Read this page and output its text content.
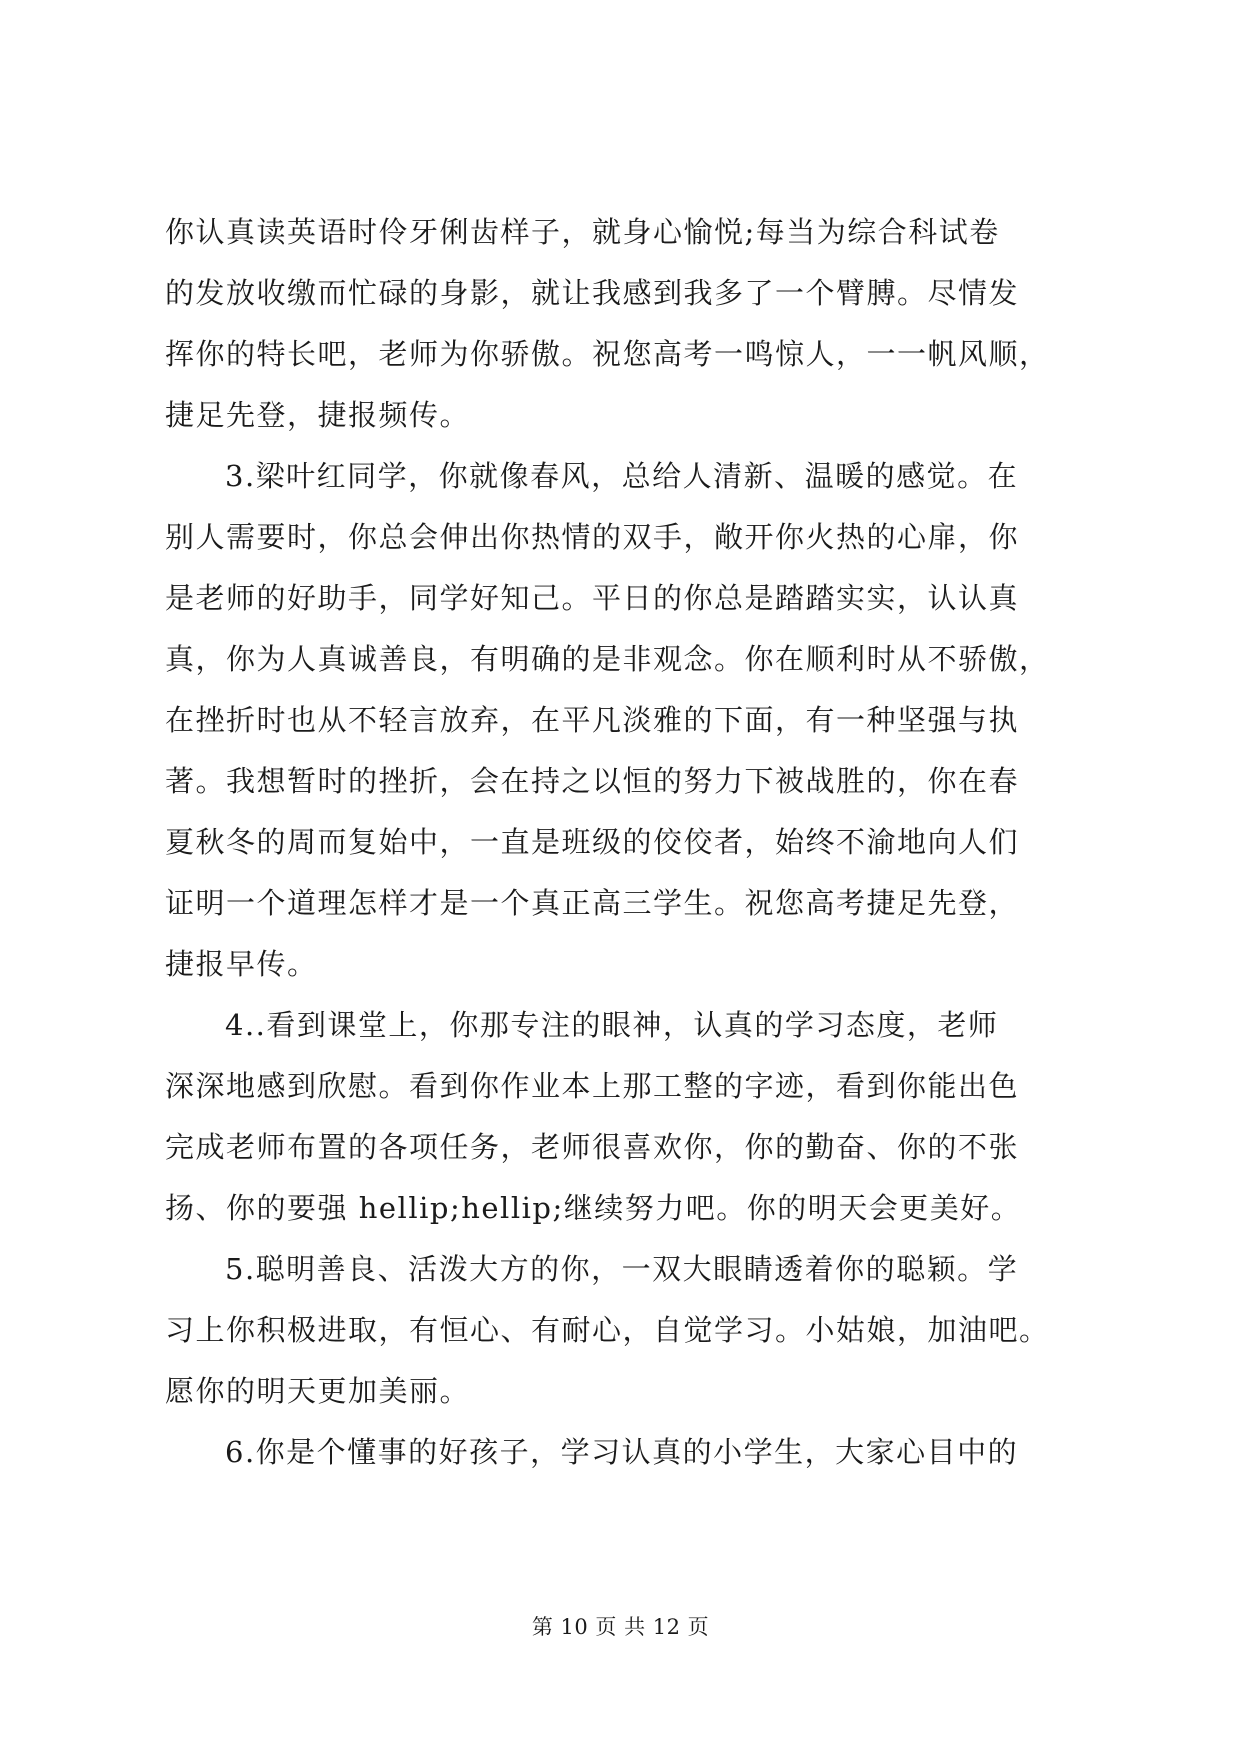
你认真读英语时伶牙俐齿样子，就身心愉悦;每当为综合科试卷
的发放收缴而忙碌的身影，就让我感到我多了一个臂膊。尽情发
挥你的特长吧，老师为你骄傲。祝您高考一鸣惊人，一一帆风顺，
捷足先登，捷报频传。
3.梁叶红同学，你就像春风，总给人清新、温暖的感觉。在
别人需要时，你总会伸出你热情的双手，敞开你火热的心扉，你
是老师的好助手，同学好知己。平日的你总是踏踏实实，认认真
真，你为人真诚善良，有明确的是非观念。你在顺利时从不骄傲，
在挫折时也从不轻言放弃，在平凡淡雅的下面，有一种坚强与执
著。我想暂时的挫折，会在持之以恒的努力下被战胜的，你在春
夏秋冬的周而复始中，一直是班级的佼佼者，始终不渝地向人们
证明一个道理怎样才是一个真正高三学生。祝您高考捷足先登，
捷报早传。
4..看到课堂上，你那专注的眼神，认真的学习态度，老师
深深地感到欣慰。看到你作业本上那工整的字迹，看到你能出色
完成老师布置的各项任务，老师很喜欢你，你的勤奋、你的不张
扬、你的要强 hellip;hellip;继续努力吧。你的明天会更美好。
5.聪明善良、活泼大方的你，一双大眼睛透着你的聪颖。学
习上你积极进取，有恒心、有耐心，自觉学习。小姑娘，加油吧。
愿你的明天更加美丽。
6.你是个懂事的好孩子，学习认真的小学生，大家心目中的
第 10 页 共 12 页
